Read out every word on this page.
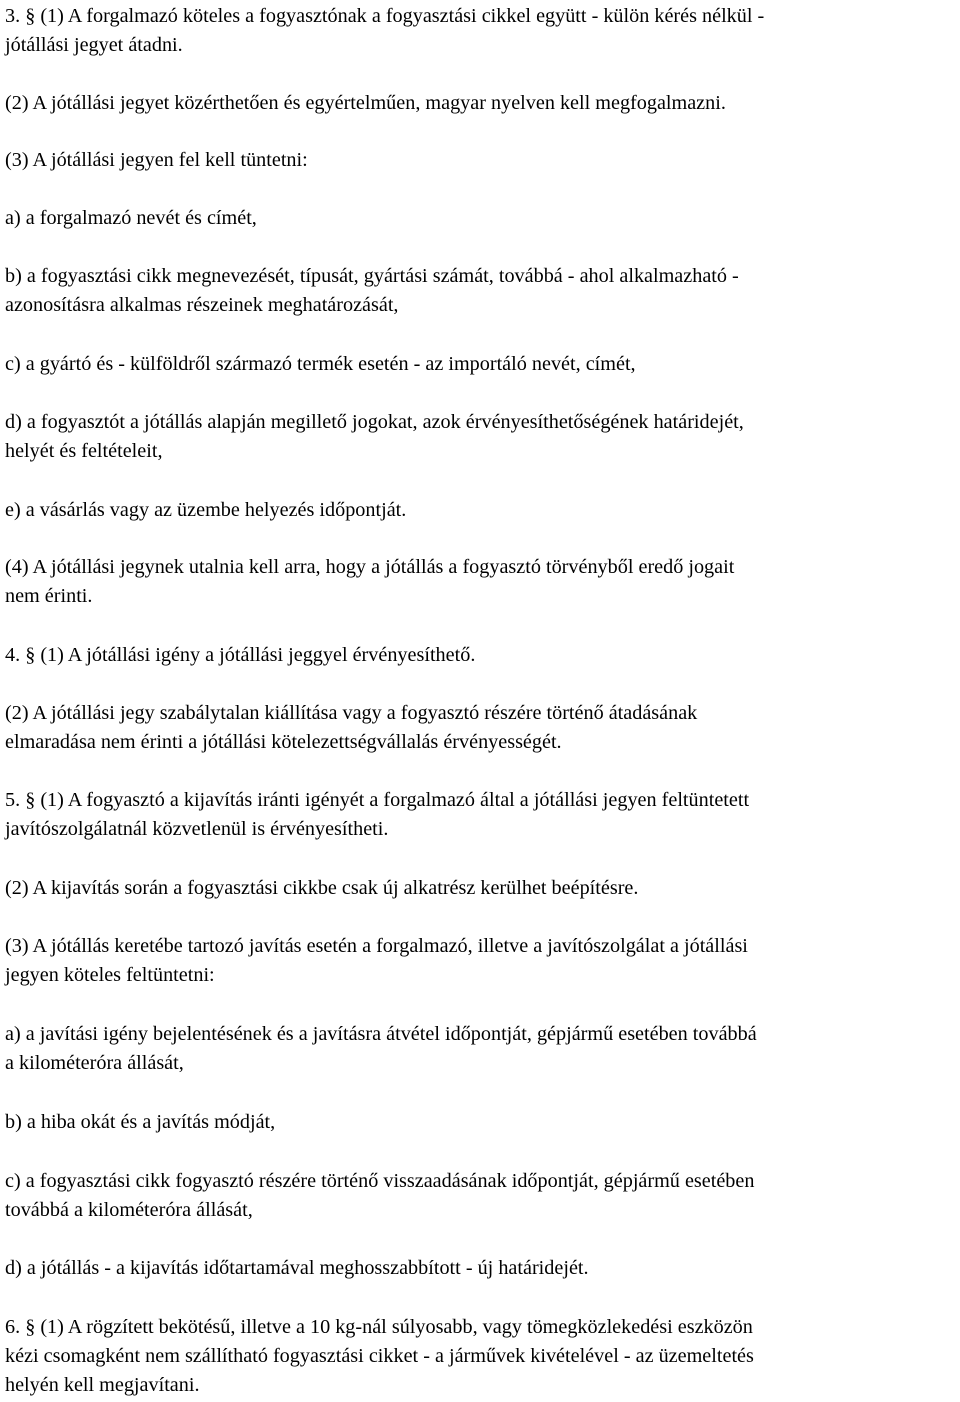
3. § (1) A forgalmazó köteles a fogyasztónak a fogyasztási cikkel együtt - külön kérés nélkül -
jótállási jegyet átadni.

(2) A jótállási jegyet közérthetően és egyértelműen, magyar nyelven kell megfogalmazni.

(3) A jótállási jegyen fel kell tüntetni:

a) a forgalmazó nevét és címét,

b) a fogyasztási cikk megnevezését, típusát, gyártási számát, továbbá - ahol alkalmazható -
azonosításra alkalmas részeinek meghatározását,

c) a gyártó és - külföldről származó termék esetén - az importáló nevét, címét,

d) a fogyasztót a jótállás alapján megillető jogokat, azok érvényesíthetőségének határidejét,
helyét és feltételeit,

e) a vásárlás vagy az üzembe helyezés időpontját.

(4) A jótállási jegynek utalnia kell arra, hogy a jótállás a fogyasztó törvényből eredő jogait
nem érinti.

4. § (1) A jótállási igény a jótállási jeggyel érvényesíthető.

(2) A jótállási jegy szabálytalan kiállítása vagy a fogyasztó részére történő átadásának
elmaradása nem érinti a jótállási kötelezettségvállalás érvényességét.

5. § (1) A fogyasztó a kijavítás iránti igényét a forgalmazó által a jótállási jegyen feltüntetett
javítószolgálatnál közvetlenül is érvényesítheti.

(2) A kijavítás során a fogyasztási cikkbe csak új alkatrész kerülhet beépítésre.

(3) A jótállás keretébe tartozó javítás esetén a forgalmazó, illetve a javítószolgálat a jótállási
jegyen köteles feltüntetni:

a) a javítási igény bejelentésének és a javításra átvétel időpontját, gépjármű esetében továbbá
a kilométeróra állását,

b) a hiba okát és a javítás módját,

c) a fogyasztási cikk fogyasztó részére történő visszaadásának időpontját, gépjármű esetében
továbbá a kilométeróra állását,

d) a jótállás - a kijavítás időtartamával meghosszabbított - új határidejét.

6. § (1) A rögzített bekötésű, illetve a 10 kg-nál súlyosabb, vagy tömegközlekedési eszközön
kézi csomagként nem szállítható fogyasztási cikket - a járművek kivételével - az üzemeltetés
helyén kell megjavítani.
